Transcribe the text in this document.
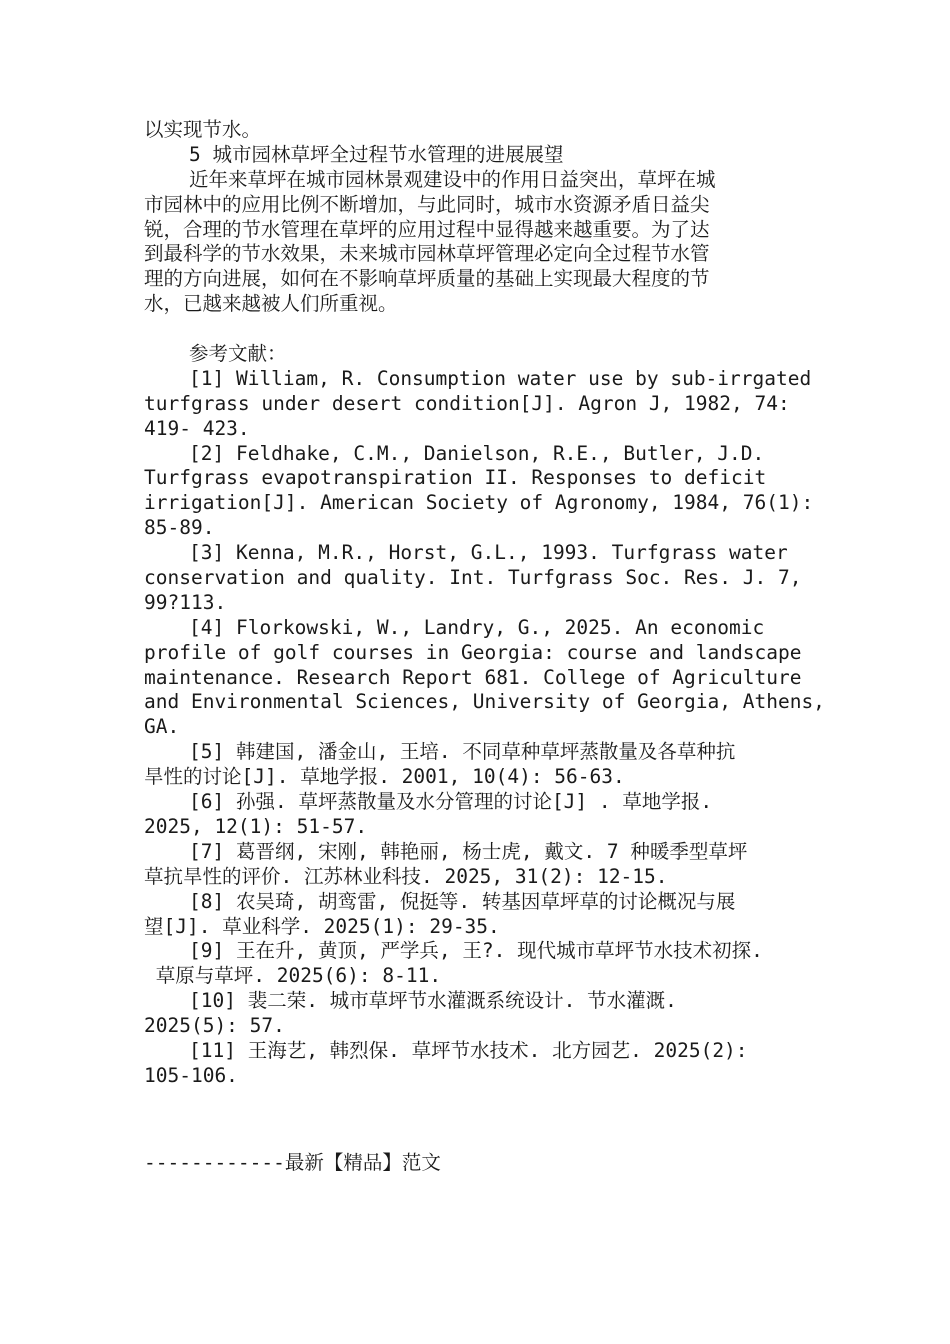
以实现节水。
5 城市园林草坪全过程节水管理的进展展望
近年来草坪在城市园林景观建设中的作用日益突出，草坪在城
市园林中的应用比例不断增加，与此同时，城市水资源矛盾日益尖
锐，合理的节水管理在草坪的应用过程中显得越来越重要。为了达
到最科学的节水效果，未来城市园林草坪管理必定向全过程节水管
理的方向进展，如何在不影响草坪质量的基础上实现最大程度的节
水，已越来越被人们所重视。
参考文献：
[1] William, R. Consumption water use by sub-irrgated
turfgrass under desert condition[J]. Agron J, 1982, 74:
419- 423.
[2] Feldhake, C.M., Danielson, R.E., Butler, J.D.
Turfgrass evapotranspiration II. Responses to deficit
irrigation[J]. American Society of Agronomy, 1984, 76(1):
85-89.
[3] Kenna, M.R., Horst, G.L., 1993. Turfgrass water
conservation and quality. Int. Turfgrass Soc. Res. J. 7,
99?113.
[4] Florkowski, W., Landry, G., 2025. An economic
profile of golf courses in Georgia: course and landscape
maintenance. Research Report 681. College of Agriculture
and Environmental Sciences, University of Georgia, Athens,
GA.
[5] 韩建国, 潘金山, 王培. 不同草种草坪蒸散量及各草种抗
旱性的讨论[J]. 草地学报. 2001, 10(4): 56-63.
[6] 孙强. 草坪蒸散量及水分管理的讨论[J] . 草地学报.
2025, 12(1): 51-57.
[7] 葛晋纲, 宋刚, 韩艳丽, 杨士虎, 戴文. 7 种暖季型草坪
草抗旱性的评价. 江苏林业科技. 2025, 31(2): 12-15.
[8] 农吴琦, 胡鸾雷, 倪挺等. 转基因草坪草的讨论概况与展
望[J]. 草业科学. 2025(1): 29-35.
[9] 王在升, 黄顶, 严学兵, 王?. 现代城市草坪节水技术初探.
草原与草坪. 2025(6): 8-11.
[10] 裴二荣. 城市草坪节水灌溉系统设计. 节水灌溉.
2025(5): 57.
[11] 王海艺, 韩烈保. 草坪节水技术. 北方园艺. 2025(2):
105-106.
------------最新【精品】范文
